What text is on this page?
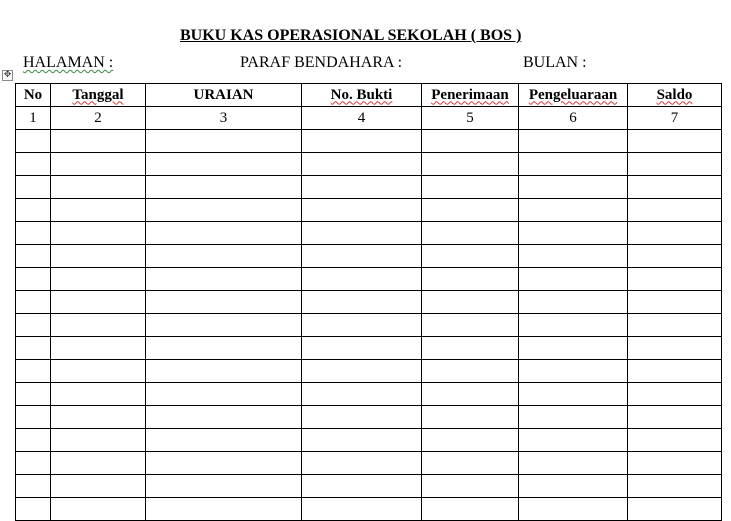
BUKU KAS OPERASIONAL SEKOLAH ( BOS )
HALAMAN :	PARAF BENDAHARA :	BULAN :
✥
No	Tanggal	URAIAN	No. Bukti	Penerimaan	Pengeluaraan	Saldo
1	2	3	4	5	6	7
